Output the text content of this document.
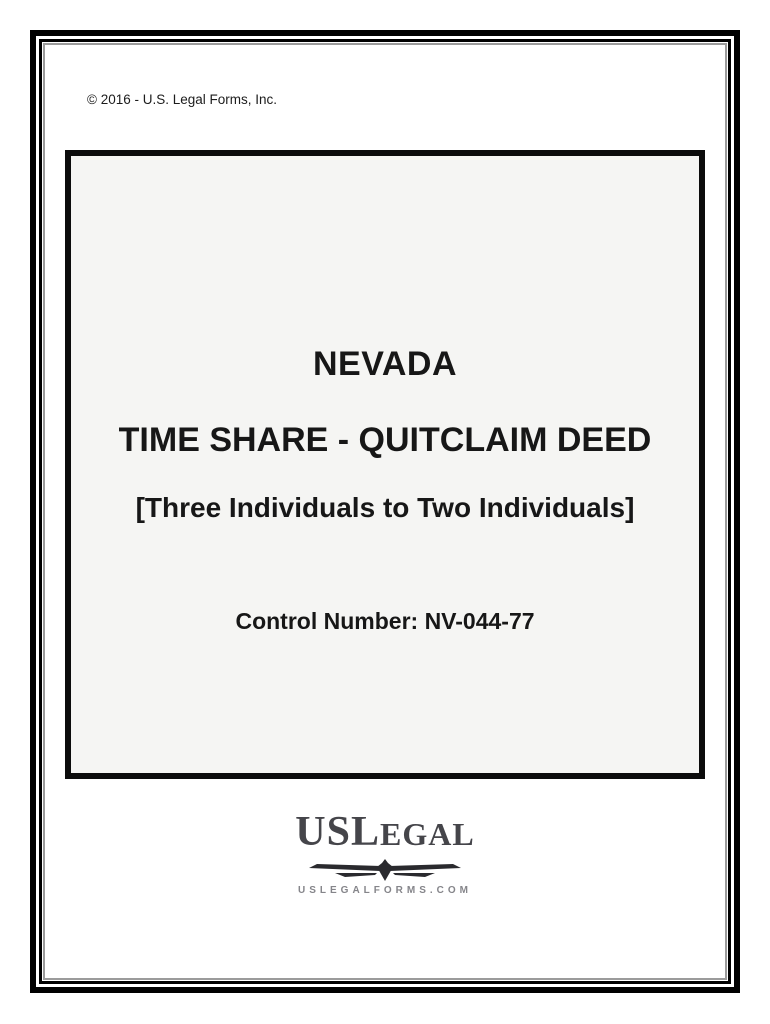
© 2016 - U.S. Legal Forms, Inc.
NEVADA
TIME SHARE - QUITCLAIM DEED
[Three Individuals to Two Individuals]
Control Number: NV-044-77
USLEGAL
USLEGALFORMS.COM
